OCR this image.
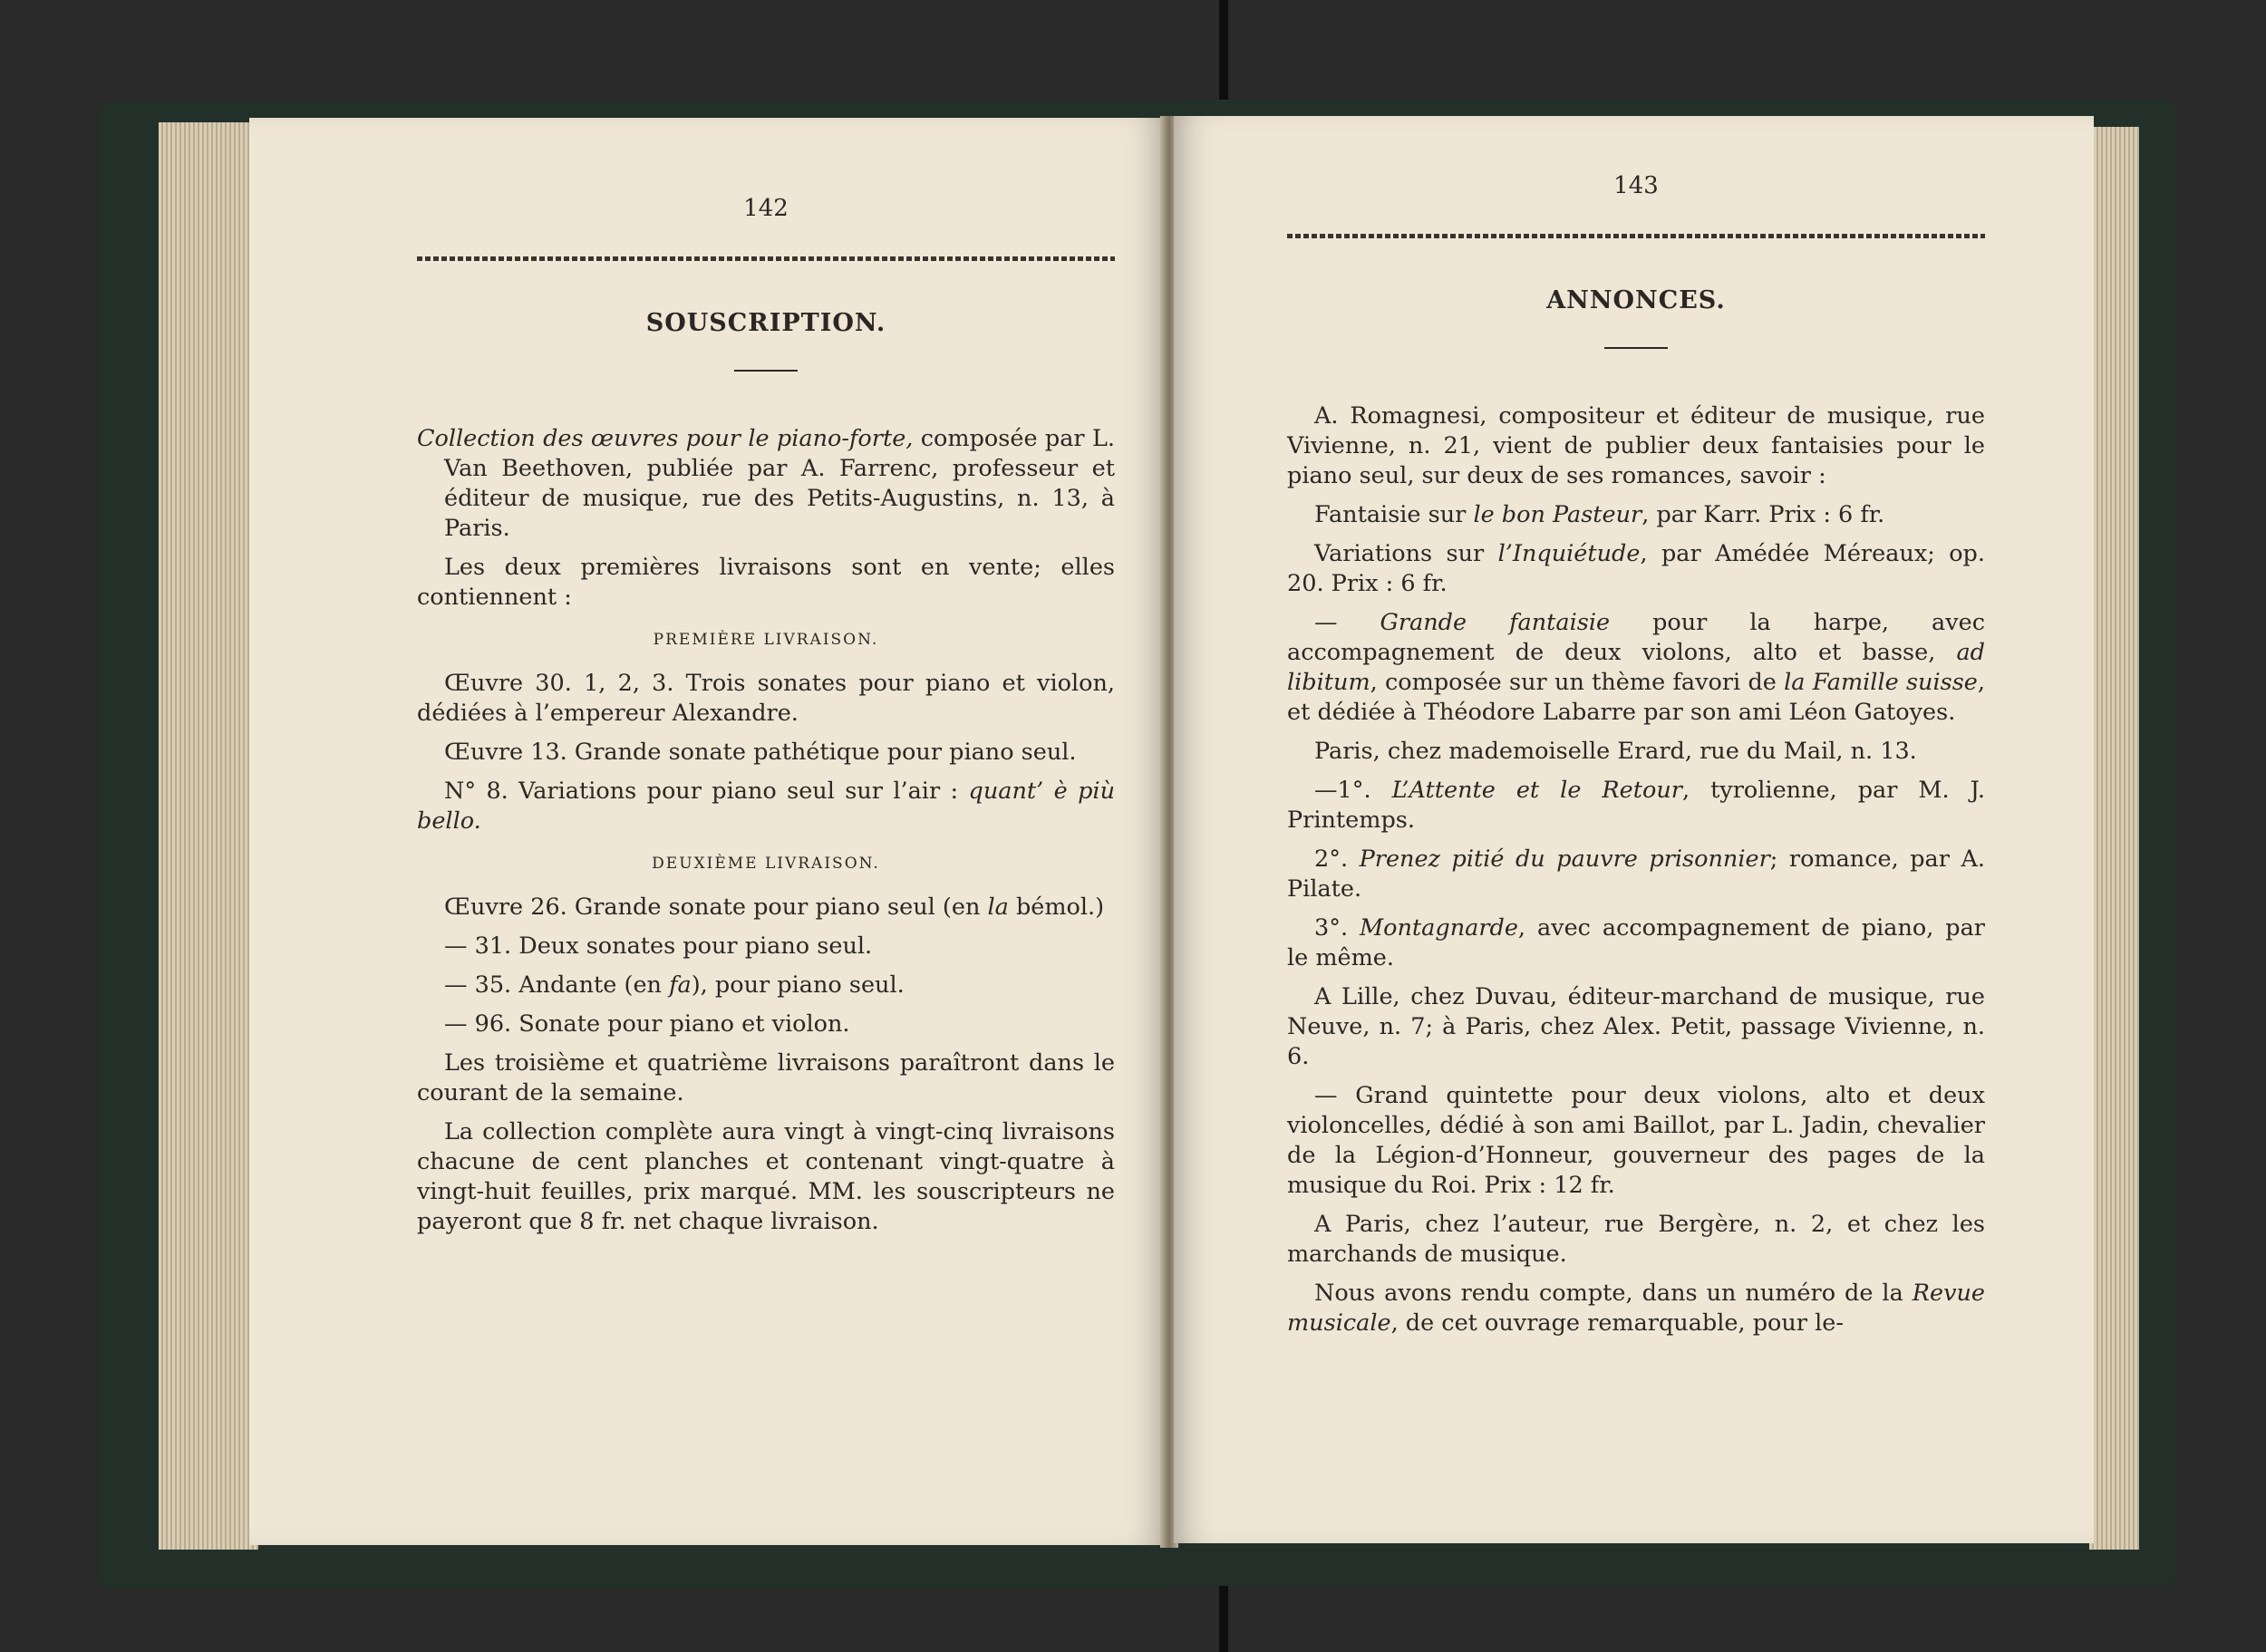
142
SOUSCRIPTION.

Collection des œuvres pour le piano-forte, composée par L. Van Beethoven, publiée par A. Farrenc, professeur et éditeur de musique, rue des Petits-Augustins, n. 13, à Paris.

Les deux premières livraisons sont en vente; elles contiennent :

PREMIÈRE LIVRAISON.

Œuvre 30. 1, 2, 3. Trois sonates pour piano et violon, dédiées à l’empereur Alexandre.

Œuvre 13. Grande sonate pathétique pour piano seul.

N° 8. Variations pour piano seul sur l’air : quant’ è più bello.

DEUXIÈME LIVRAISON.

Œuvre 26. Grande sonate pour piano seul (en la bémol.)

— 31. Deux sonates pour piano seul.

— 35. Andante (en fa), pour piano seul.

— 96. Sonate pour piano et violon.

Les troisième et quatrième livraisons paraîtront dans le courant de la semaine.

La collection complète aura vingt à vingt-cinq livraisons chacune de cent planches et contenant vingt-quatre à vingt-huit feuilles, prix marqué. MM. les souscripteurs ne payeront que 8 fr. net chaque livraison.

143
ANNONCES.

A. Romagnesi, compositeur et éditeur de musique, rue Vivienne, n. 21, vient de publier deux fantaisies pour le piano seul, sur deux de ses romances, savoir :

Fantaisie sur le bon Pasteur, par Karr. Prix : 6 fr.

Variations sur l’Inquiétude, par Amédée Méreaux; op. 20. Prix : 6 fr.

— Grande fantaisie pour la harpe, avec accompagnement de deux violons, alto et basse, ad libitum, composée sur un thème favori de la Famille suisse, et dédiée à Théodore Labarre par son ami Léon Gatoyes.

Paris, chez mademoiselle Erard, rue du Mail, n. 13.

—1°. L’Attente et le Retour, tyrolienne, par M. J. Printemps.

2°. Prenez pitié du pauvre prisonnier; romance, par A. Pilate.

3°. Montagnarde, avec accompagnement de piano, par le même.

A Lille, chez Duvau, éditeur-marchand de musique, rue Neuve, n. 7; à Paris, chez Alex. Petit, passage Vivienne, n. 6.

— Grand quintette pour deux violons, alto et deux violoncelles, dédié à son ami Baillot, par L. Jadin, chevalier de la Légion-d’Honneur, gouverneur des pages de la musique du Roi. Prix : 12 fr.

A Paris, chez l’auteur, rue Bergère, n. 2, et chez les marchands de musique.

Nous avons rendu compte, dans un numéro de la Revue musicale, de cet ouvrage remarquable, pour le-
